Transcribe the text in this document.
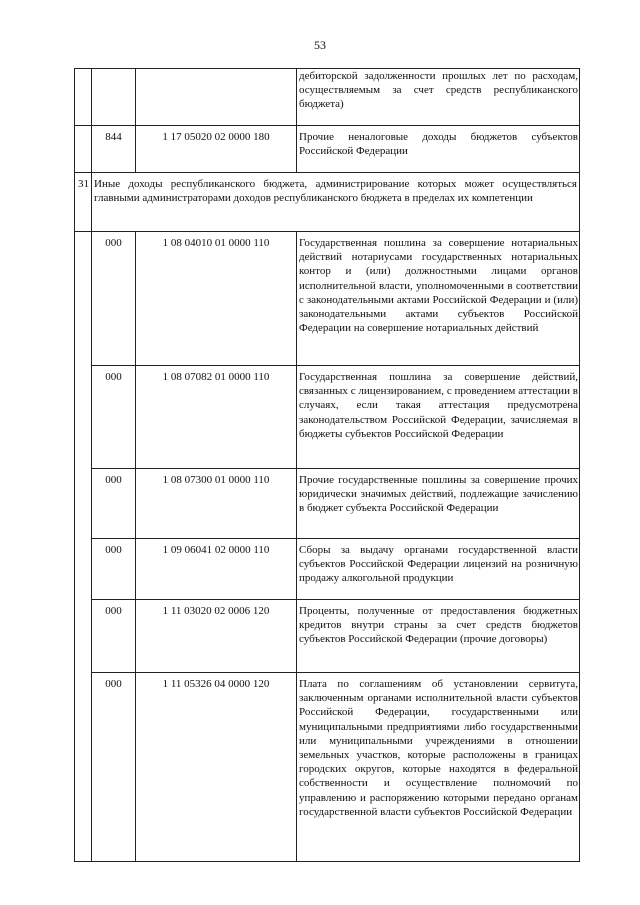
53
			дебиторской задолженности прошлых лет по расходам, осуществляемым за счет средств республиканского бюджета)
	844	1 17 05020 02 0000 180	Прочие неналоговые доходы бюджетов субъектов Российской Федерации
31	Иные доходы республиканского бюджета, администрирование которых может осуществляться главными администраторами доходов республиканского бюджета в пределах их компетенции		
	000	1 08 04010 01 0000 110	Государственная пошлина за совершение нотариальных действий нотариусами государственных нотариальных контор и (или) должностными лицами органов исполнительной власти, уполномоченными в соответствии с законодательными актами Российской Федерации и (или) законодательными актами субъектов Российской Федерации на совершение нотариальных действий
	000	1 08 07082 01 0000 110	Государственная пошлина за совершение действий, связанных с лицензированием, с проведением аттестации в случаях, если такая аттестация предусмотрена законодательством Российской Федерации, зачисляемая в бюджеты субъектов Российской Федерации
	000	1 08 07300 01 0000 110	Прочие государственные пошлины за совершение прочих юридически значимых действий, подлежащие зачислению в бюджет субъекта Российской Федерации
	000	1 09 06041 02 0000 110	Сборы за выдачу органами государственной власти субъектов Российской Федерации лицензий на розничную продажу алкогольной продукции
	000	1 11 03020 02 0006 120	Проценты, полученные от предоставления бюджетных кредитов внутри страны за счет средств бюджетов субъектов Российской Федерации (прочие договоры)
	000	1 11 05326 04 0000 120	Плата по соглашениям об установлении сервитута, заключенным органами исполнительной власти субъектов Российской Федерации, государственными или муниципальными предприятиями либо государственными или муниципальными учреждениями в отношении земельных участков, которые расположены в границах городских округов, которые находятся в федеральной собственности и осуществление полномочий по управлению и распоряжению которыми передано органам государственной власти субъектов Российской Федерации
